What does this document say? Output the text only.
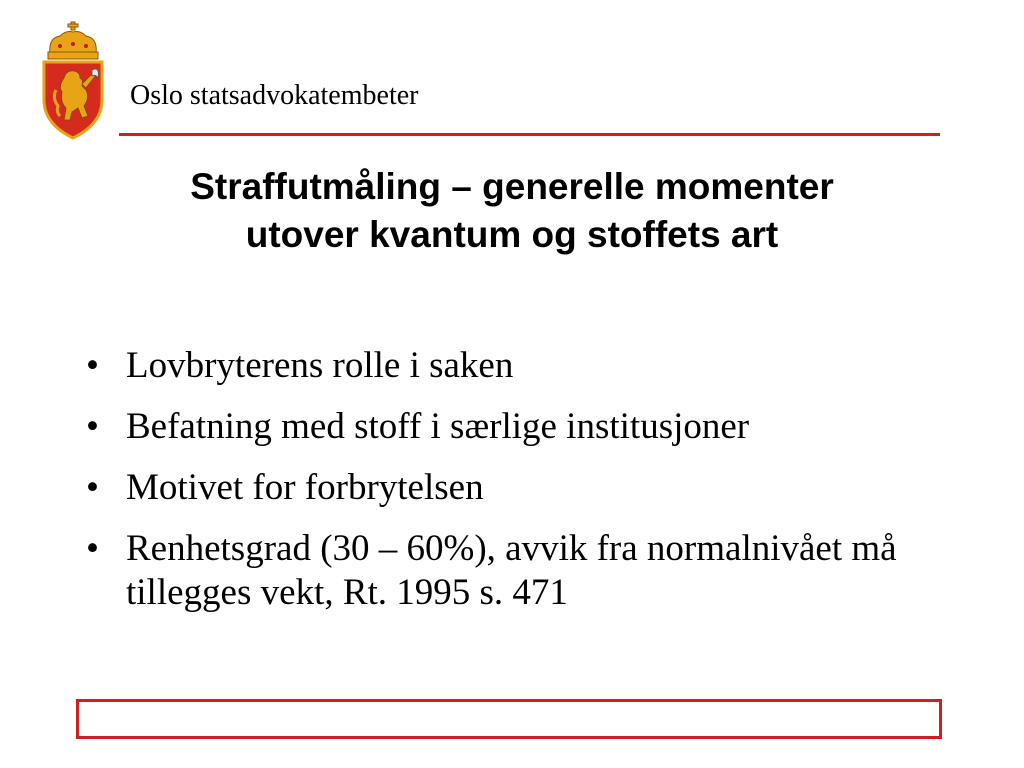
Oslo statsadvokatembeter
Straffutmåling – generelle momenter
utover kvantum og stoffets art
• Lovbryterens rolle i saken
• Befatning med stoff i særlige institusjoner
• Motivet for forbrytelsen
• Renhetsgrad (30 – 60%), avvik fra normalnivået må tillegges vekt, Rt. 1995 s. 471
